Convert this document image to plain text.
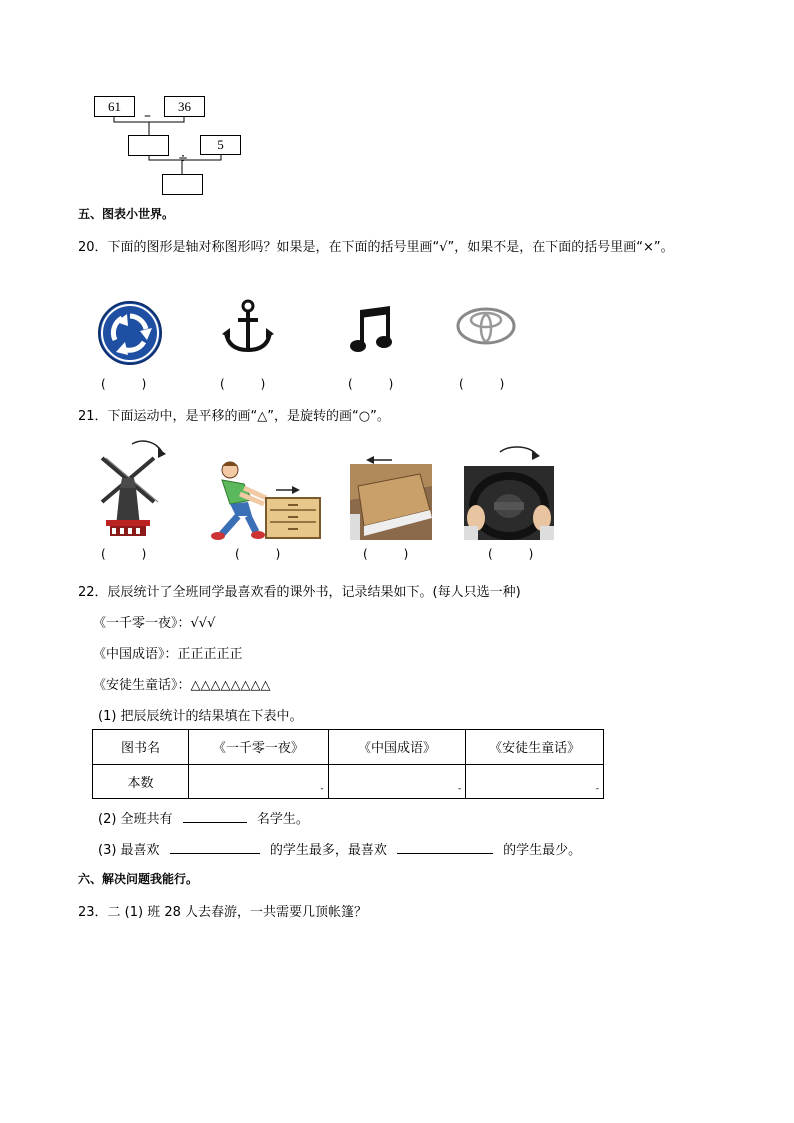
61	36
–
5
÷
五、图表小世界。
20．下面的图形是轴对称图形吗？如果是，在下面的括号里画“√”，如果不是，在下面的括号里画“×”。
(　　　)	(　　　)	(　　　)	(　　　)
21．下面运动中，是平移的画“△”，是旋转的画“○”。
(　　　)	(　　　)	(　　　)	(　　　)
22．辰辰统计了全班同学最喜欢看的课外书，记录结果如下。(每人只选一种)
《一千零一夜》：√√√
《中国成语》：正正正正正
《安徒生童话》：△△△△△△△△
(1) 把辰辰统计的结果填在下表中。
图书名	《一千零一夜》	《中国成语》	《安徒生童话》
本数	-	-	-
(2) 全班共有	名学生。
(3) 最喜欢	的学生最多，最喜欢	的学生最少。
六、解决问题我能行。
23．二 (1) 班 28 人去春游，一共需要几顶帐篷？
